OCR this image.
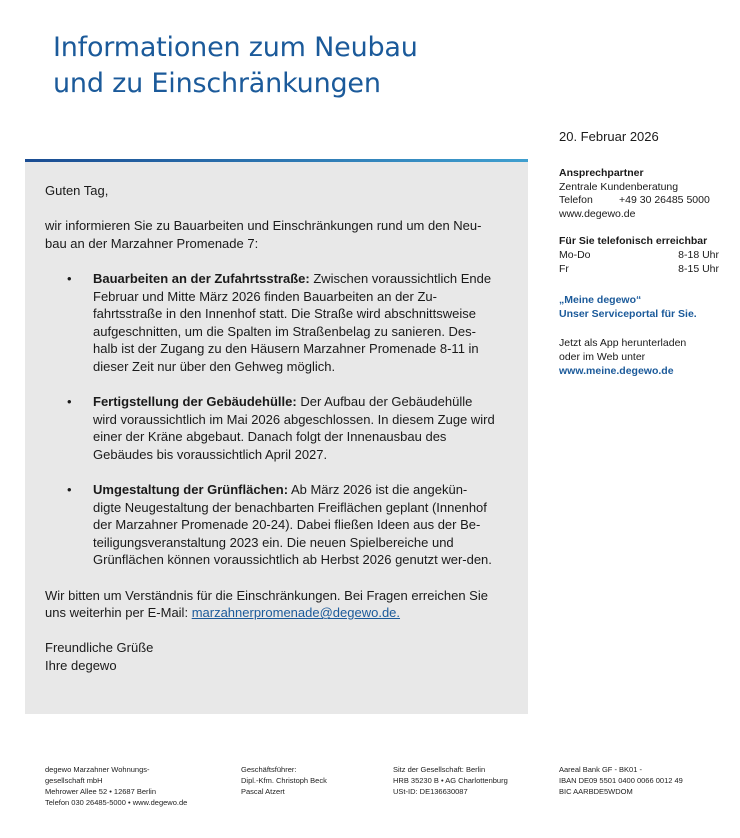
Informationen zum Neubau
und zu Einschränkungen

Guten Tag,

wir informieren Sie zu Bauarbeiten und Einschränkungen rund um den Neu-bau an der Marzahner Promenade 7:

• Bauarbeiten an der Zufahrtsstraße: Zwischen voraussichtlich Ende Februar und Mitte März 2026 finden Bauarbeiten an der Zu-fahrtsstraße in den Innenhof statt. Die Straße wird abschnittsweise aufgeschnitten, um die Spalten im Straßenbelag zu sanieren. Des-halb ist der Zugang zu den Häusern Marzahner Promenade 8-11 in dieser Zeit nur über den Gehweg möglich.
• Fertigstellung der Gebäudehülle: Der Aufbau der Gebäudehülle wird voraussichtlich im Mai 2026 abgeschlossen. In diesem Zuge wird einer der Kräne abgebaut. Danach folgt der Innenausbau des Gebäudes bis voraussichtlich April 2027.
• Umgestaltung der Grünflächen: Ab März 2026 ist die angekün-digte Neugestaltung der benachbarten Freiflächen geplant (Innenhof der Marzahner Promenade 20-24). Dabei fließen Ideen aus der Be-teiligungsveranstaltung 2023 ein. Die neuen Spielbereiche und Grünflächen können voraussichtlich ab Herbst 2026 genutzt wer-den.

Wir bitten um Verständnis für die Einschränkungen. Bei Fragen erreichen Sie uns weiterhin per E-Mail: marzahnerpromenade@degewo.de.

Freundliche Grüße

Ihre degewo

20. Februar 2026
Ansprechpartner
Zentrale Kundenberatung
Telefon	+49 30 26485 5000
www.degewo.de
Für Sie telefonisch erreichbar
Mo-Do	8-18 Uhr
Fr	8-15 Uhr
„Meine degewo“
Unser Serviceportal für Sie.
Jetzt als App herunterladen
oder im Web unter
www.meine.degewo.de
degewo Marzahner Wohnungs-
gesellschaft mbH
Mehrower Allee 52 • 12687 Berlin
Telefon 030 26485-5000 • www.degewo.de
Geschäftsführer:
Dipl.-Kfm. Christoph Beck
Pascal Atzert
Sitz der Gesellschaft: Berlin
HRB 35230 B • AG Charlottenburg
USt-ID: DE136630087
Aareal Bank GF - BK01 -
IBAN DE09 5501 0400 0066 0012 49
BIC AARBDE5WDOM
